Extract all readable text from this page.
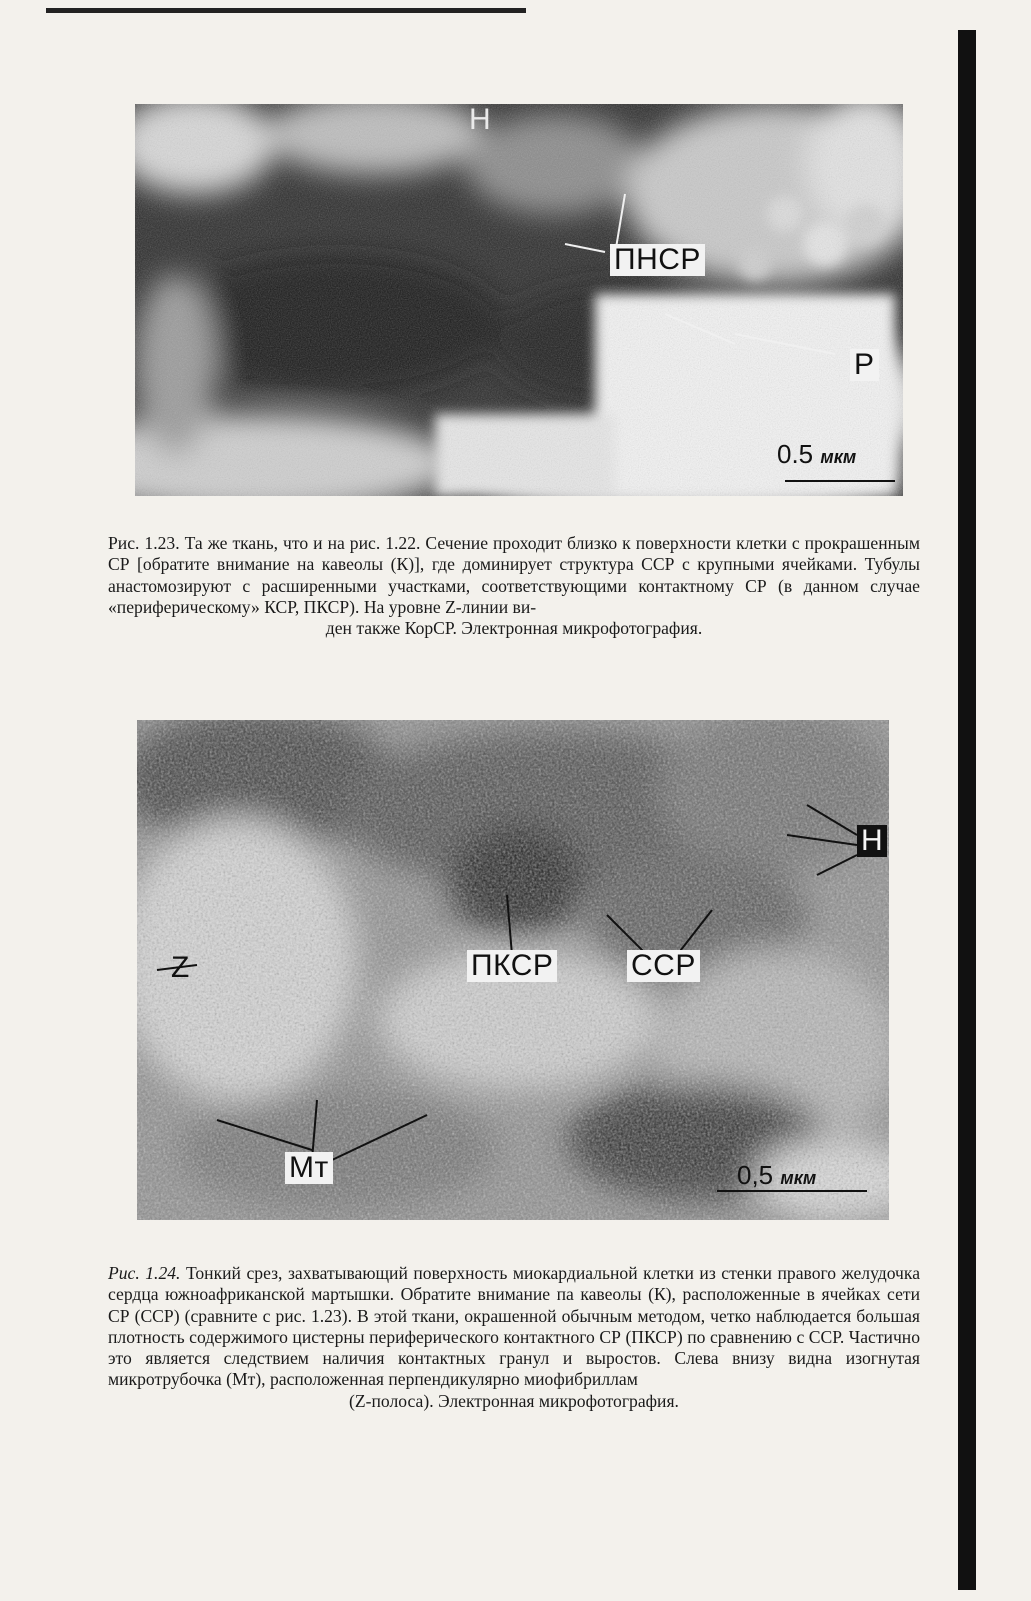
Н
ПНСР
P
0.5 мкм
Рис. 1.23. Та же ткань, что и на рис. 1.22. Сечение проходит близко к поверхности клетки с прокрашенным СР [обратите внимание на кавеолы (К)], где доминирует структура ССР с крупными ячейками. Тубулы анастомозируют с расширенными участками, соответствующими контактному СР (в данном случае «периферическому» КСР, ПКСР). На уровне Z-линии ви-
ден также КорСР. Электронная микрофотография.
Н
Z	ПКСР	ССР
Мт	0,5 мкм
Рис. 1.24. Тонкий срез, захватывающий поверхность миокардиальной клетки из стенки правого желудочка сердца южноафриканской мартышки. Обратите внимание па кавеолы (К), расположенные в ячейках сети СР (ССР) (сравните с рис. 1.23). В этой ткани, окрашенной обычным методом, четко наблюдается большая плотность содержимого цистерны периферического контактного СР (ПКСР) по сравнению с ССР. Частично это является следствием наличия контактных гранул и выростов. Слева внизу видна изогнутая микротрубочка (Мт), расположенная перпендикулярно миофибриллам
(Z-полоса). Электронная микрофотография.
